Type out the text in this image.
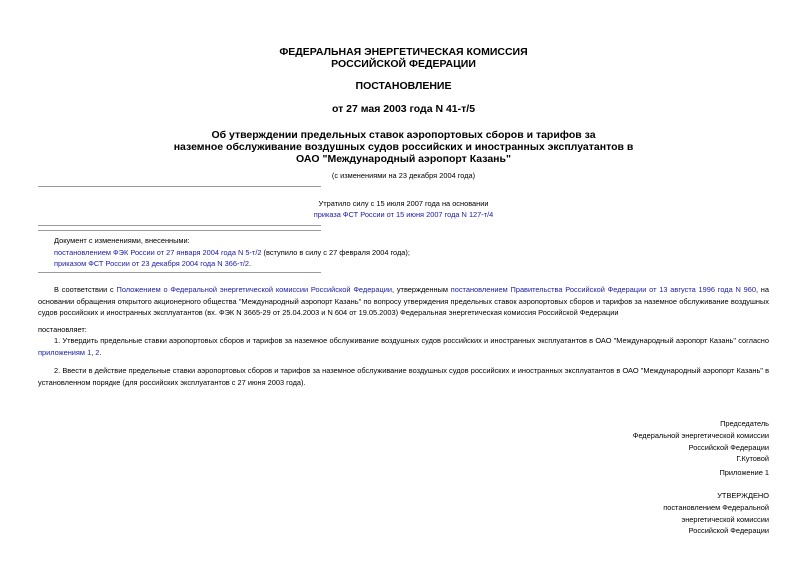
ФЕДЕРАЛЬНАЯ ЭНЕРГЕТИЧЕСКАЯ КОМИССИЯ

РОССИЙСКОЙ ФЕДЕРАЦИИ

ПОСТАНОВЛЕНИЕ
от 27 мая 2003 года N 41-т/5

Об утверждении предельных ставок аэропортовых сборов и тарифов за

наземное обслуживание воздушных судов российских и иностранных эксплуатантов в

ОАО "Международный аэропорт Казань"

(с изменениями на 23 декабря 2004 года)

Утратило силу с 15 июля 2007 года на основании

приказа ФСТ России от 15 июня 2007 года N 127-т/4

Документ с изменениями, внесенными:

постановлением ФЭК России от 27 января 2004 года N 5-т/2 (вступило в силу с 27 февраля 2004 года);

приказом ФСТ России от 23 декабря 2004 года N 366-т/2.

В соответствии с Положением о Федеральной энергетической комиссии Российской Федерации, утвержденным постановлением Правительства Российской Федерации от 13 августа 1996 года N 960, на основании обращения открытого акционерного общества "Международный аэропорт Казань" по вопросу утверждения предельных ставок аэропортовых сборов и тарифов за наземное обслуживание воздушных судов российских и иностранных эксплуатантов (вх. ФЭК N 3665-29 от 25.04.2003 и N 604 от 19.05.2003) Федеральная энергетическая комиссия Российской Федерации
постановляет:
1. Утвердить предельные ставки аэропортовых сборов и тарифов за наземное обслуживание воздушных судов российских и иностранных эксплуатантов в ОАО "Международный аэропорт Казань" согласно приложениям 1, 2.
2. Ввести в действие предельные ставки аэропортовых сборов и тарифов за наземное обслуживание воздушных судов российских и иностранных эксплуатантов в ОАО "Международный аэропорт Казань" в установленном порядке (для российских эксплуатантов с 27 июня 2003 года).

Председатель

Федеральной энергетической комиссии

Российской Федерации

Г.Кутовой

Приложение 1

УТВЕРЖДЕНО

постановлением Федеральной

энергетической комиссии

Российской Федерации
